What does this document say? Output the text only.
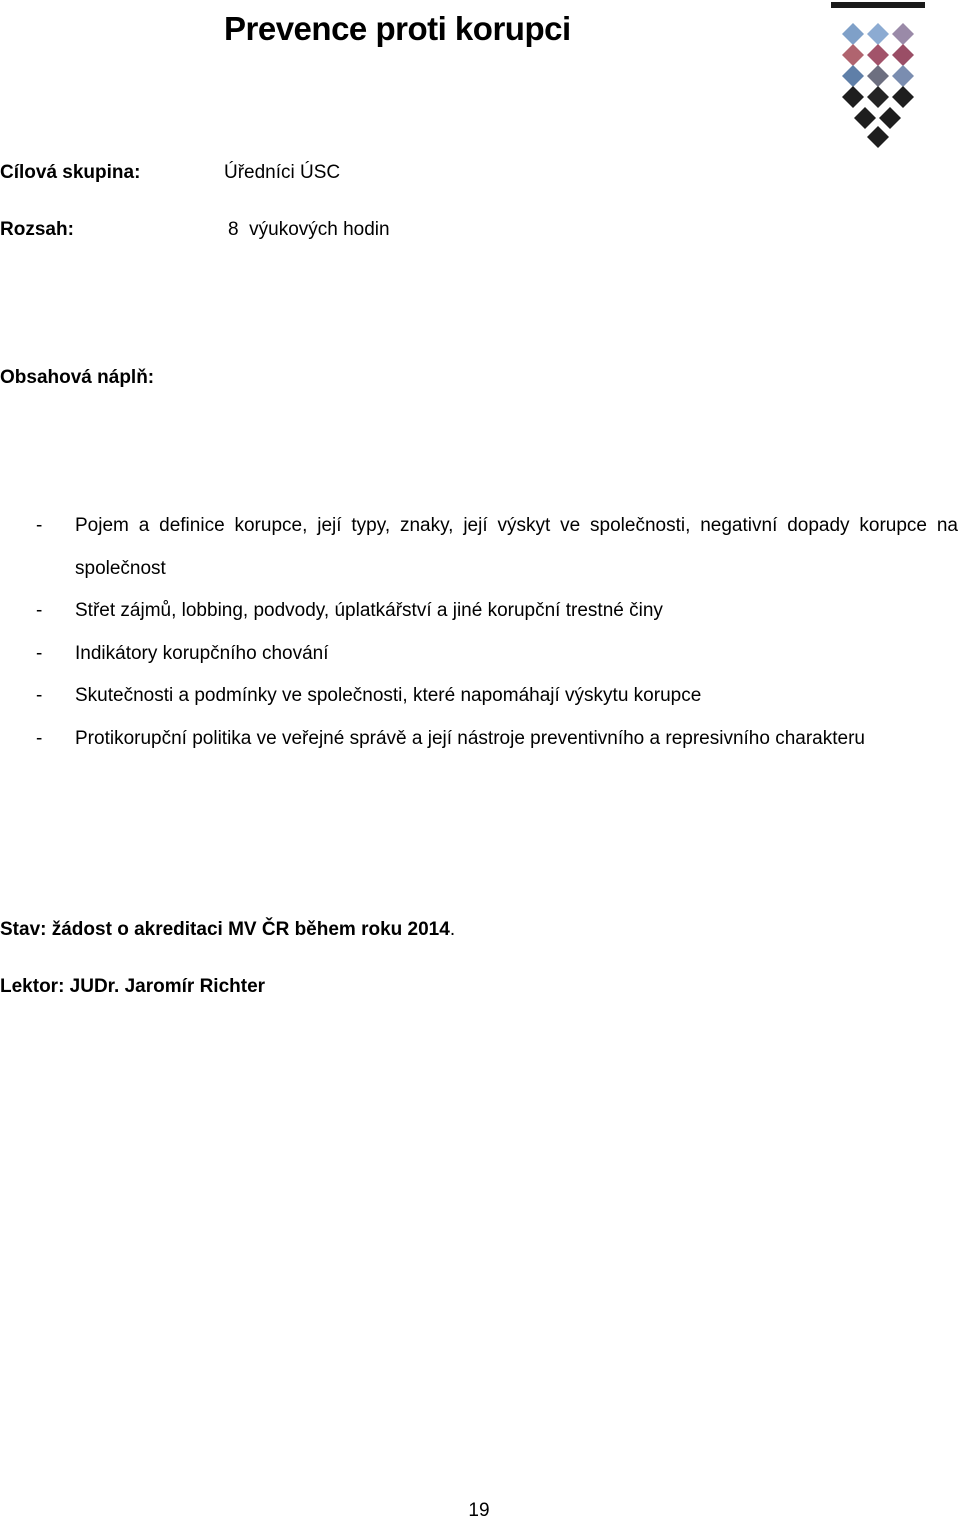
Prevence proti korupci
Cílová skupina:	Úředníci ÚSC
Rozsah:	8  výukových hodin
Obsahová náplň:
- Pojem a definice korupce, její typy, znaky, její výskyt ve společnosti, negativní dopady korupce na společnost
- Střet zájmů, lobbing, podvody, úplatkářství a jiné korupční trestné činy
- Indikátory korupčního chování
- Skutečnosti a podmínky ve společnosti, které napomáhají výskytu korupce
- Protikorupční politika ve veřejné správě a její nástroje preventivního a represivního charakteru
Stav: žádost o akreditaci MV ČR během roku 2014.
Lektor: JUDr. Jaromír Richter
19
